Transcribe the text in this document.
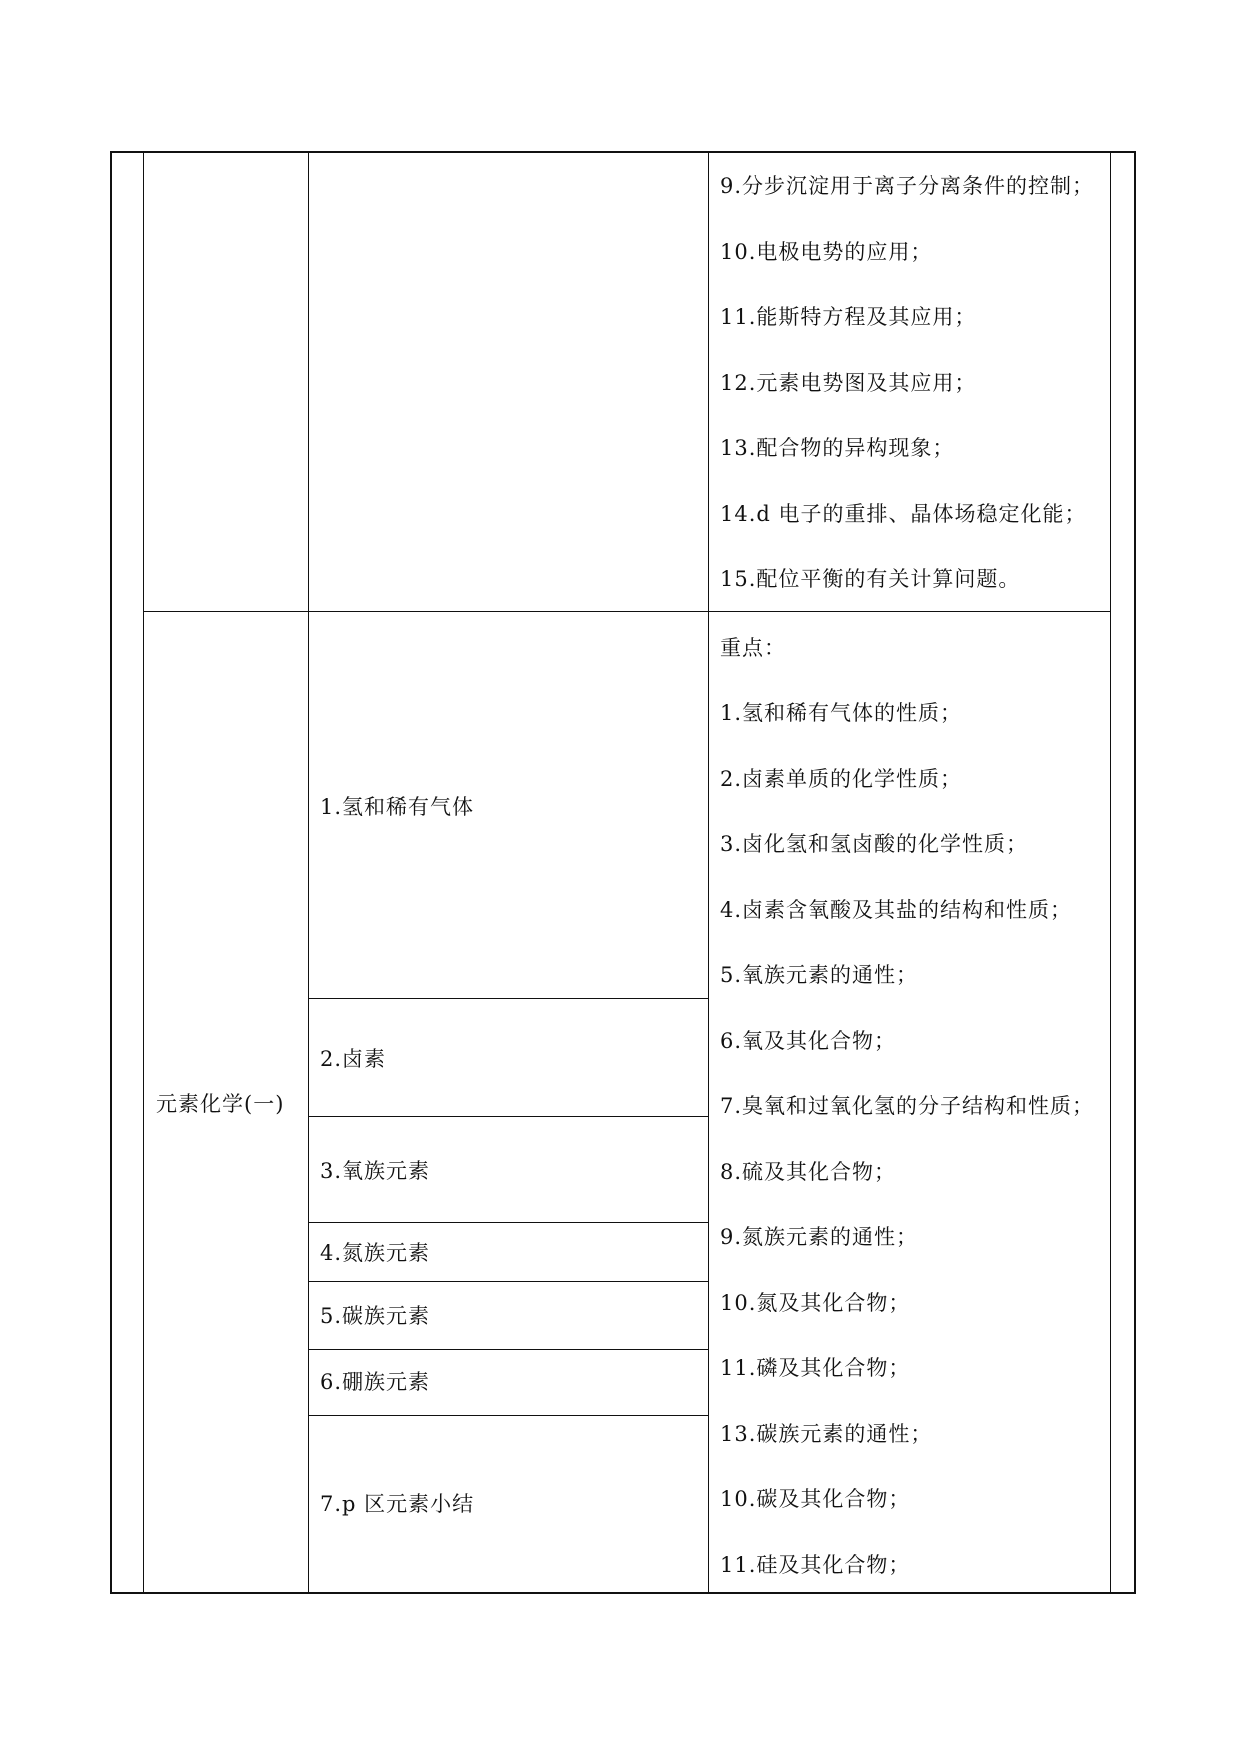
9.分步沉淀用于离子分离条件的控制；
10.电极电势的应用；
11.能斯特方程及其应用；
12.元素电势图及其应用；
13.配合物的异构现象；
14.d 电子的重排、晶体场稳定化能；
15.配位平衡的有关计算问题。
元素化学(一)
1.氢和稀有气体
2.卤素
3.氧族元素
4.氮族元素
5.碳族元素
6.硼族元素
7.p 区元素小结
重点：
1.氢和稀有气体的性质；
2.卤素单质的化学性质；
3.卤化氢和氢卤酸的化学性质；
4.卤素含氧酸及其盐的结构和性质；
5.氧族元素的通性；
6.氧及其化合物；
7.臭氧和过氧化氢的分子结构和性质；
8.硫及其化合物；
9.氮族元素的通性；
10.氮及其化合物；
11.磷及其化合物；
13.碳族元素的通性；
10.碳及其化合物；
11.硅及其化合物；
